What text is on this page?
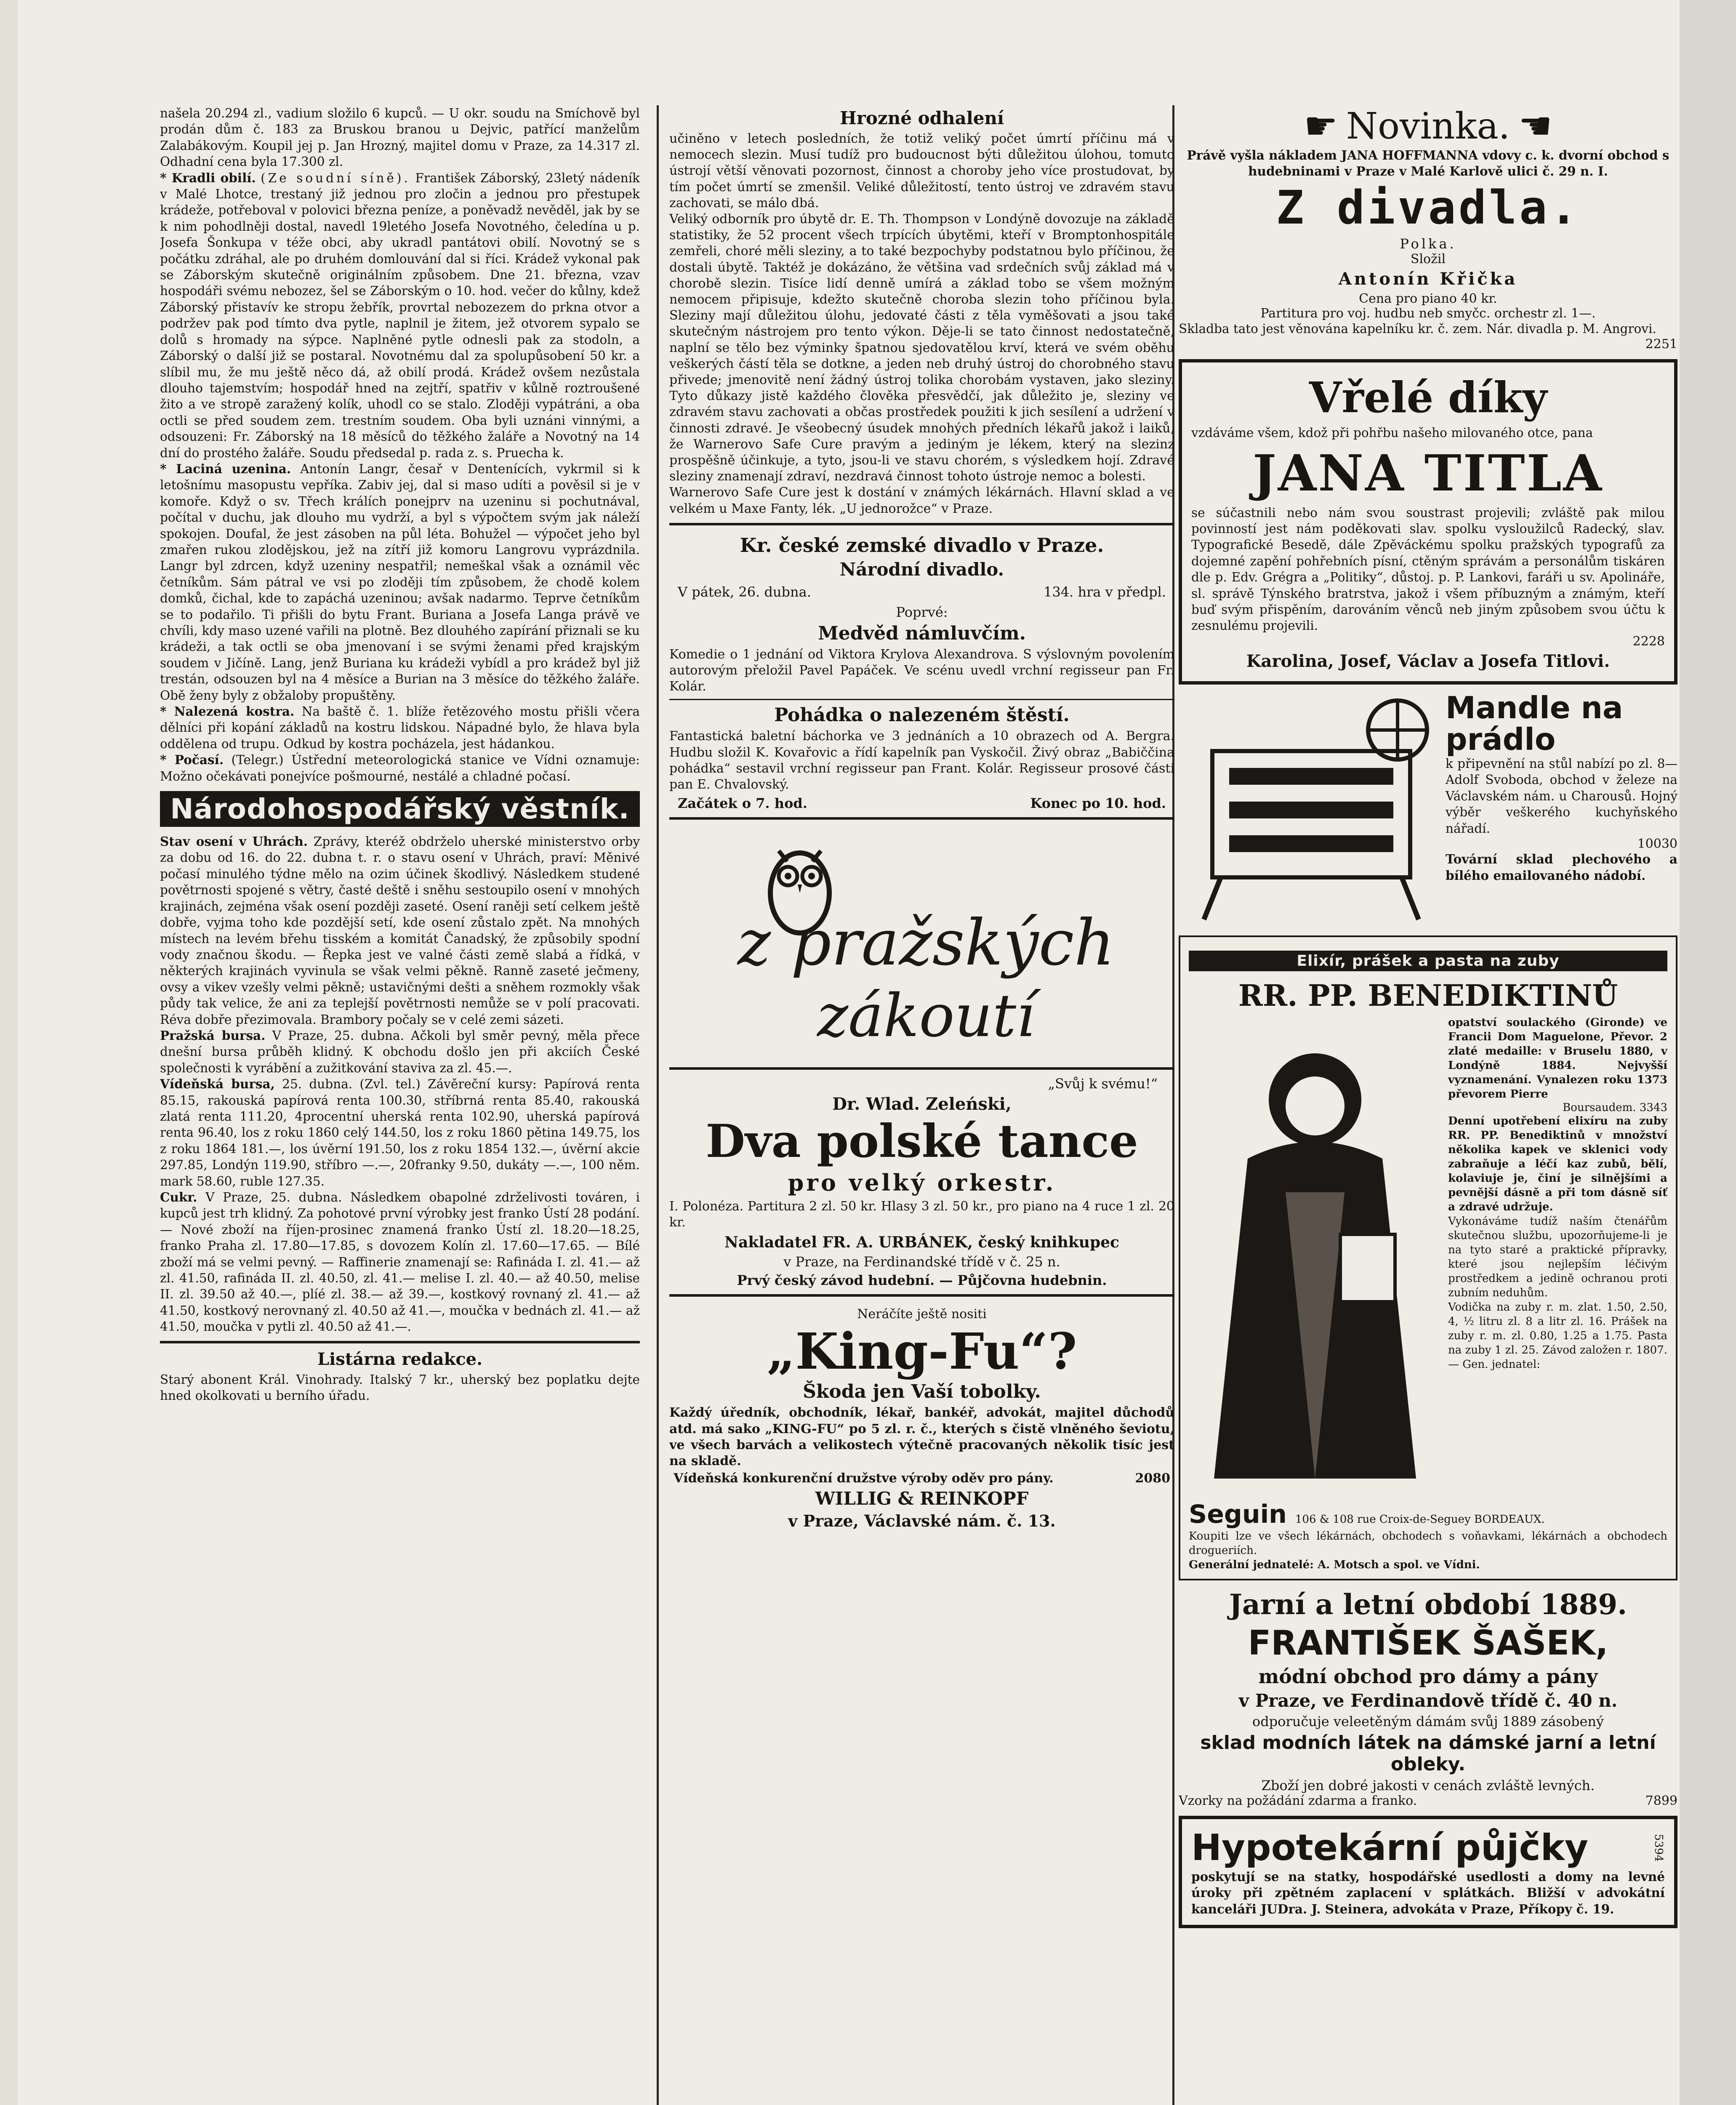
našela 20.294 zl., vadium složilo 6 kupců. — U okr. soudu na Smíchově byl prodán dům č. 183 za Bruskou branou u Dejvic, patřící manželům Zalabákovým. Koupil jej p. Jan Hrozný, majitel domu v Praze, za 14.317 zl. Odhadní cena byla 17.300 zl.

* Kradli obilí. (Ze soudní síně). František Záborský, 23letý nádeník v Malé Lhotce, trestaný již jednou pro zločin a jednou pro přestupek krádeže, potřeboval v polovici března peníze, a poněvadž nevěděl, jak by se k nim pohodlněji dostal, navedl 19letého Josefa Novotného, čeledína u p. Josefa Šonkupa v téže obci, aby ukradl pantátovi obilí. Novotný se s počátku zdráhal, ale po druhém domlouvání dal si říci. Krádež vykonal pak se Záborským skutečně originálním způsobem. Dne 21. března, vzav hospodáři svému nebozez, šel se Záborským o 10. hod. večer do kůlny, kdež Záborský přistavív ke stropu žebřík, provrtal nebozezem do prkna otvor a podržev pak pod tímto dva pytle, naplnil je žitem, jež otvorem sypalo se dolů s hromady na sýpce. Naplněné pytle odnesli pak za stodoln, a Záborský o další již se postaral. Novotnému dal za spolupůsobení 50 kr. a slíbil mu, že mu ještě něco dá, až obilí prodá. Krádež ovšem nezůstala dlouho tajemstvím; hospodář hned na zejtří, spatřiv v kůlně roztroušené žito a ve stropě zaražený kolík, uhodl co se stalo. Zloději vypátráni, a oba octli se před soudem zem. trestním soudem. Oba byli uznáni vinnými, a odsouzeni: Fr. Záborský na 18 měsíců do těžkého žaláře a Novotný na 14 dní do prostého žaláře. Soudu předsedal p. rada z. s. Pruecha k.

* Laciná uzenina. Antonín Langr, česař v Dentenících, vykrmil si k letošnímu masopustu vepříka. Zabiv jej, dal si maso udíti a pověsil si je v komoře. Když o sv. Třech králích ponejprv na uzeninu si pochutnával, počítal v duchu, jak dlouho mu vydrží, a byl s výpočtem svým jak náleží spokojen. Doufal, že jest zásoben na půl léta. Bohužel — výpočet jeho byl zmařen rukou zlodějskou, jež na zítří již komoru Langrovu vyprázdnila. Langr byl zdrcen, když uzeniny nespatřil; nemeškal však a oznámil věc četníkům. Sám pátral ve vsi po zloději tím způsobem, že chodě kolem domků, čichal, kde to zapáchá uzeninou; avšak nadarmo. Teprve četníkům se to podařilo. Ti přišli do bytu Frant. Buriana a Josefa Langa právě ve chvíli, kdy maso uzené vařili na plotně. Bez dlouhého zapírání přiznali se ku krádeži, a tak octli se oba jmenovaní i se svými ženami před krajským soudem v Jičíně. Lang, jenž Buriana ku krádeži vybídl a pro krádež byl již trestán, odsouzen byl na 4 měsíce a Burian na 3 měsíce do těžkého žaláře. Obě ženy byly z obžaloby propuštěny.

* Nalezená kostra. Na baště č. 1. blíže řetězového mostu přišli včera dělníci při kopání základů na kostru lidskou. Nápadné bylo, že hlava byla oddělena od trupu. Odkud by kostra pocházela, jest hádankou.

* Počasí. (Telegr.) Ústřední meteorologická stanice ve Vídni oznamuje: Možno očekávati ponejvíce pošmourné, nestálé a chladné počasí.

Národohospodářský věstník.

Stav osení v Uhrách. Zprávy, kteréž obdrželo uherské ministerstvo orby za dobu od 16. do 22. dubna t. r. o stavu osení v Uhrách, praví: Měnivé počasí minulého týdne mělo na ozim účinek škodlivý. Následkem studené povětrnosti spojené s větry, časté deště i sněhu sestoupilo osení v mnohých krajinách, zejména však osení později zaseté. Osení raněji setí celkem ještě dobře, vyjma toho kde pozdější setí, kde osení zůstalo zpět. Na mnohých místech na levém břehu tisském a komitát Čanadský, že způsobily spodní vody značnou škodu. — Řepka jest ve valné části země slabá a řídká, v některých krajinách vyvinula se však velmi pěkně. Ranně zaseté ječmeny, ovsy a vikev vzešly velmi pěkně; ustavičnými dešti a sněhem rozmokly však půdy tak velice, že ani za teplejší povětrnosti nemůže se v polí pracovati. Réva dobře přezimovala. Brambory počaly se v celé zemi sázeti.

Pražská bursa. V Praze, 25. dubna. Ačkoli byl směr pevný, měla přece dnešní bursa průběh klidný. K obchodu došlo jen při akciích České společnosti k vyrábění a zužitkování staviva za zl. 45.—.

Vídeňská bursa, 25. dubna. (Zvl. tel.) Závěreční kursy: Papírová renta 85.15, rakouská papírová renta 100.30, stříbrná renta 85.40, rakouská zlatá renta 111.20, 4procentní uherská renta 102.90, uherská papírová renta 96.40, los z roku 1860 celý 144.50, los z roku 1860 pětina 149.75, los z roku 1864 181.—, los úvěrní 191.50, los z roku 1854 132.—, úvěrní akcie 297.85, Londýn 119.90, stříbro —.—, 20franky 9.50, dukáty —.—, 100 něm. mark 58.60, ruble 127.35.

Cukr. V Praze, 25. dubna. Následkem obapolné zdrželivosti továren, i kupců jest trh klidný. Za pohotové první výrobky jest franko Ústí 28 podání. — Nové zboží na říjen-prosinec znamená franko Ústí zl. 18.20—18.25, franko Praha zl. 17.80—17.85, s dovozem Kolín zl. 17.60—17.65. — Bílé zboží má se velmi pevný. — Raffinerie znamenají se: Rafináda I. zl. 41.— až zl. 41.50, rafináda II. zl. 40.50, zl. 41.— melise I. zl. 40.— až 40.50, melise II. zl. 39.50 až 40.—, plíé zl. 38.— až 39.—, kostkový rovnaný zl. 41.— až 41.50, kostkový nerovnaný zl. 40.50 až 41.—, moučka v bednách zl. 41.— až 41.50, moučka v pytli zl. 40.50 až 41.—.

Listárna redakce.

Starý abonent Král. Vinohrady. Italský 7 kr., uherský bez poplatku dejte hned okolkovati u berního úřadu.

Hrozné odhalení

učiněno v letech posledních, že totiž veliký počet úmrtí příčinu má v nemocech slezin. Musí tudíž pro budoucnost býti důležitou úlohou, tomuto ústrojí větší věnovati pozornost, činnost a choroby jeho více prostudovat, by tím počet úmrtí se zmenšil. Veliké důležitostí, tento ústroj ve zdravém stavu zachovati, se málo dbá.
Veliký odborník pro úbytě dr. E. Th. Thompson v Londýně dovozuje na základě statistiky, že 52 procent všech trpících úbytěmi, kteří v Bromptonhospitále zemřeli, choré měli sleziny, a to také bezpochyby podstatnou bylo příčinou, že dostali úbytě. Taktéž je dokázáno, že většina vad srdečních svůj základ má v chorobě slezin. Tisíce lidí denně umírá a základ tobo se všem možným nemocem připisuje, kdežto skutečně choroba slezin toho příčinou byla. Sleziny mají důležitou úlohu, jedovaté části z těla vyměšovati a jsou také skutečným nástrojem pro tento výkon. Děje-li se tato činnost nedostatečně, naplní se tělo bez výminky špatnou sjedovatělou krví, která ve svém oběhu veškerých částí těla se dotkne, a jeden neb druhý ústroj do chorobného stavu přivede; jmenovitě není žádný ústroj tolika chorobám vystaven, jako sleziny. Tyto důkazy jistě každého člověka přesvědčí, jak důležito je, sleziny ve zdravém stavu zachovati a občas prostředek použiti k jich sesílení a udržení v činnosti zdravé. Je všeobecný úsudek mnohých předních lékařů jakož i laiků, že Warnerovo Safe Cure pravým a jediným je lékem, který na slezinz prospěšně účinkuje, a tyto, jsou-li ve stavu chorém, s výsledkem hojí. Zdravé sleziny znamenají zdraví, nezdravá činnost tohoto ústroje nemoc a bolesti.
Warnerovo Safe Cure jest k dostání v známých lékárnách. Hlavní sklad a ve velkém u Maxe Fanty, lék. „U jednorožce“ v Praze.

Kr. české zemské divadlo v Praze.
Národní divadlo.
V pátek, 26. dubna.	134. hra v předpl.
Poprvé:
Medvěd námluvčím.

Komedie o 1 jednání od Viktora Krylova Alexandrova. S výslovným povolením autorovým přeložil Pavel Papáček. Ve scénu uvedl vrchní regisseur pan Fr. Kolár.

Pohádka o nalezeném štěstí.

Fantastická baletní báchorka ve 3 jednáních a 10 obrazech od A. Bergra. Hudbu složil K. Kovařovic a řídí kapelník pan Vyskočil. Živý obraz „Babiččina pohádka“ sestavil vrchní regisseur pan Frant. Kolár. Regisseur prosové části pan E. Chvalovský.

Začátek o 7. hod.	Konec po 10. hod.
z pražských
zákoutí
„Svůj k svému!“
Dr. Wlad. Zeleński,
Dva polské tance
pro velký orkestr.

I. Polonéza. Partitura 2 zl. 50 kr. Hlasy 3 zl. 50 kr., pro piano na 4 ruce 1 zl. 20 kr.

Nakladatel FR. A. URBÁNEK, český knihkupec
v Praze, na Ferdinandské třídě v č. 25 n.
Prvý český závod hudební. — Půjčovna hudebnin.
Neráčíte ještě nositi
„King-Fu“?
Škoda jen Vaší tobolky.

Každý úředník, obchodník, lékař, bankéř, advokát, majitel důchodů atd. má sako „KING-FU“ po 5 zl. r. č., kterých s čistě vlněného ševiotu, ve všech barvách a velikostech výtečně pracovaných několik tisíc jest na skladě.

Vídeňská konkurenční družstve výroby oděv pro pány.	2080
WILLIG & REINKOPF
v Praze, Václavské nám. č. 13.
☛ Novinka. ☚

Právě vyšla nákladem JANA HOFFMANNA vdovy c. k. dvorní obchod s hudebninami v Praze v Malé Karlově ulici č. 29 n. I.

Z divadla.
Polka.
Složil
Antonín Křička
Cena pro piano 40 kr.
Partitura pro voj. hudbu neb smyčc. orchestr zl. 1—.

Skladba tato jest věnována kapelníku kr. č. zem. Nár. divadla p. M. Angrovi.

2251
Vřelé díky

vzdáváme všem, kdož při pohřbu našeho milovaného otce, pana

JANA TITLA

se súčastnili nebo nám svou soustrast projevili; zvláště pak milou povinností jest nám poděkovati slav. spolku vysloužilců Radecký, slav. Typografické Besedě, dále Zpěváckému spolku pražských typografů za dojemné zapění pohřebních písní, ctěným správám a personálům tiskáren dle p. Edv. Grégra a „Politiky“, důstoj. p. P. Lankovi, faráři u sv. Apolináře, sl. správě Týnského bratrstva, jakož i všem příbuzným a známým, kteří buď svým přispěním, darováním věnců neb jiným způsobem svou účtu k zesnulému projevili.

2228
Karolina, Josef, Václav a Josefa Titlovi.
Mandle na prádlo

k připevnění na stůl nabízí po zl. 8— Adolf Svoboda, obchod v železe na Václavském nám. u Charousů. Hojný výběr veškerého kuchyňského nářadí.

10030

Tovární sklad plechového a bílého emailovaného nádobí.

Elixír, prášek a pasta na zuby
RR. PP. BENEDIKTINŮ

opatství soulackého (Gironde) ve Francii Dom Maguelone, Převor. 2 zlaté medaille: v Bruselu 1880, v Londýně 1884. Nejvyšší vyznamenání. Vynalezen roku 1373 převorem Pierre

Boursaudem. 3343

Denní upotřebení elixíru na zuby RR. PP. Benediktinů v množství několika kapek ve sklenici vody zabraňuje a léčí kaz zubů, bělí, kolaviuje je, činí je silnějšími a pevnější dásně a při tom dásně síť a zdravé udržuje.

Vykonáváme tudíž naším čtenářům skutečnou službu, upozorňujeme-li je na tyto staré a praktické přípravky, které jsou nejlepším léčivým prostředkem a jedině ochranou proti zubním neduhům.

Vodička na zuby r. m. zlat. 1.50, 2.50, 4, ½ litru zl. 8 a litr zl. 16. Prášek na zuby r. m. zl. 0.80, 1.25 a 1.75. Pasta na zuby 1 zl. 25. Závod založen r. 1807. — Gen. jednatel:

Seguin 106 & 108 rue Croix-de-Seguey BORDEAUX.

Koupiti lze ve všech lékárnách, obchodech s voňavkami, lékárnách a obchodech drogueriích.

Generální jednatelé: A. Motsch a spol. ve Vídni.

Jarní a letní období 1889.
FRANTIŠEK ŠAŠEK,
módní obchod pro dámy a pány
v Praze, ve Ferdinandově třídě č. 40 n.
odporučuje veleetěným dámám svůj 1889 zásobený
sklad modních látek na dámské jarní a letní obleky.
Zboží jen dobré jakosti v cenách zvláště levných.
Vzorky na požádání zdarma a franko.	7899
Hypotekární půjčky	5394

poskytují se na statky, hospodářské usedlosti a domy na levné úroky při zpětném zaplacení v splátkách. Bližší v advokátní kanceláři JUDra. J. Steinera, advokáta v Praze, Příkopy č. 19.
